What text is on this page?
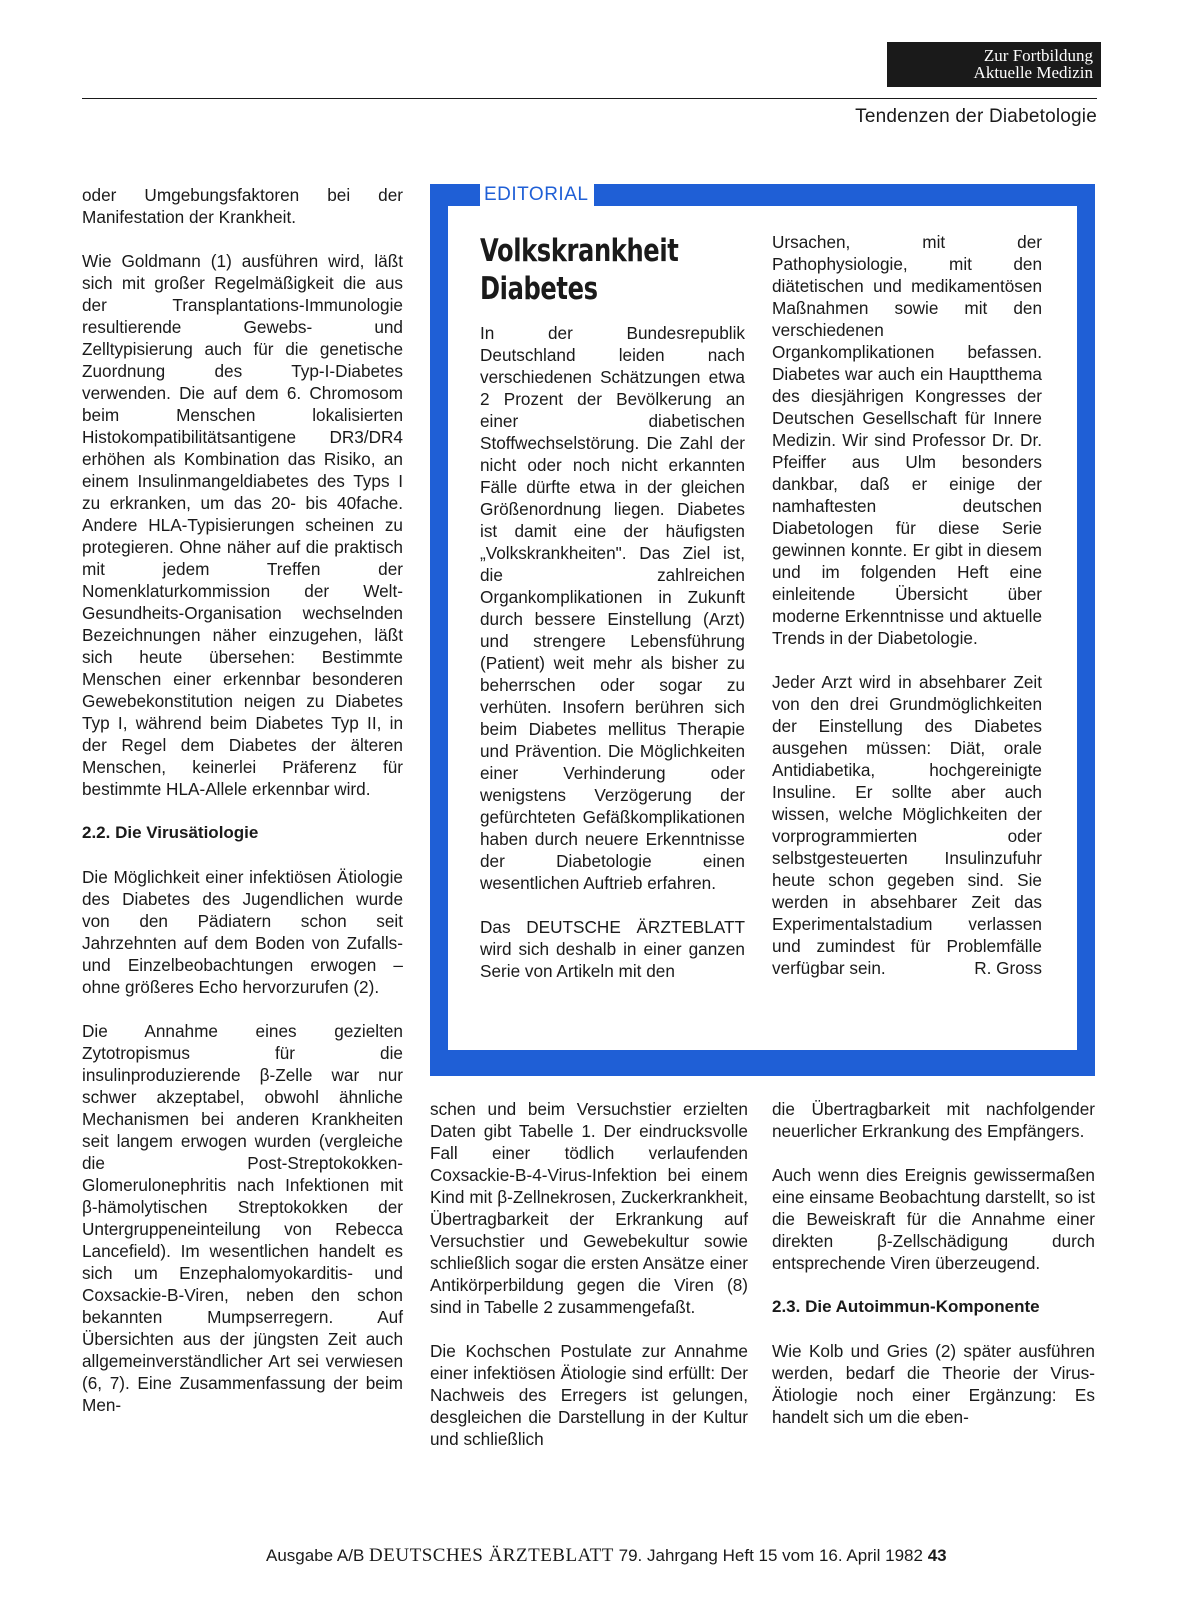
Zur Fortbildung
Aktuelle Medizin
Tendenzen der Diabetologie

oder Umgebungsfaktoren bei der Manifestation der Krankheit.

Wie Goldmann (1) ausführen wird, läßt sich mit großer Regelmäßigkeit die aus der Transplantations-Immunologie resultierende Gewebs- und Zelltypisierung auch für die genetische Zuordnung des Typ-I-Diabetes verwenden. Die auf dem 6. Chromosom beim Menschen lokalisierten Histokompatibilitätsantigene DR3/DR4 erhöhen als Kombination das Risiko, an einem Insulinmangeldiabetes des Typs I zu erkranken, um das 20- bis 40fache. Andere HLA-Typisierungen scheinen zu protegieren. Ohne näher auf die praktisch mit jedem Treffen der Nomenklaturkommission der Welt-Gesundheits-Organisation wechselnden Bezeichnungen näher einzugehen, läßt sich heute übersehen: Bestimmte Menschen einer erkennbar besonderen Gewebekonstitution neigen zu Diabetes Typ I, während beim Diabetes Typ II, in der Regel dem Diabetes der älteren Menschen, keinerlei Präferenz für bestimmte HLA-Allele erkennbar wird.

2.2. Die Virusätiologie

Die Möglichkeit einer infektiösen Ätiologie des Diabetes des Jugendlichen wurde von den Pädiatern schon seit Jahrzehnten auf dem Boden von Zufalls- und Einzelbeobachtungen erwogen – ohne größeres Echo hervorzurufen (2).

Die Annahme eines gezielten Zytotropismus für die insulinproduzierende β-Zelle war nur schwer akzeptabel, obwohl ähnliche Mechanismen bei anderen Krankheiten seit langem erwogen wurden (vergleiche die Post-Streptokokken-Glomerulonephritis nach Infektionen mit β-hämolytischen Streptokokken der Untergruppeneinteilung von Rebecca Lancefield). Im wesentlichen handelt es sich um Enzephalomyokarditis- und Coxsackie-B-Viren, neben den schon bekannten Mumpserregern. Auf Übersichten aus der jüngsten Zeit auch allgemeinverständlicher Art sei verwiesen (6, 7). Eine Zusammenfassung der beim Men-

EDITORIAL
Volkskrankheit
Diabetes

In der Bundesrepublik Deutschland leiden nach verschiedenen Schätzungen etwa 2 Prozent der Bevölkerung an einer diabetischen Stoffwechselstörung. Die Zahl der nicht oder noch nicht erkannten Fälle dürfte etwa in der gleichen Größenordnung liegen. Diabetes ist damit eine der häufigsten „Volkskrankheiten". Das Ziel ist, die zahlreichen Organkomplikationen in Zukunft durch bessere Einstellung (Arzt) und strengere Lebensführung (Patient) weit mehr als bisher zu beherrschen oder sogar zu verhüten. Insofern berühren sich beim Diabetes mellitus Therapie und Prävention. Die Möglichkeiten einer Verhinderung oder wenigstens Verzögerung der gefürchteten Gefäßkomplikationen haben durch neuere Erkenntnisse der Diabetologie einen wesentlichen Auftrieb erfahren.

Das DEUTSCHE ÄRZTEBLATT wird sich deshalb in einer ganzen Serie von Artikeln mit den

Ursachen, mit der Pathophysiologie, mit den diätetischen und medikamentösen Maßnahmen sowie mit den verschiedenen Organkomplikationen befassen. Diabetes war auch ein Hauptthema des diesjährigen Kongresses der Deutschen Gesellschaft für Innere Medizin. Wir sind Professor Dr. Dr. Pfeiffer aus Ulm besonders dankbar, daß er einige der namhaftesten deutschen Diabetologen für diese Serie gewinnen konnte. Er gibt in diesem und im folgenden Heft eine einleitende Übersicht über moderne Erkenntnisse und aktuelle Trends in der Diabetologie.

Jeder Arzt wird in absehbarer Zeit von den drei Grundmöglichkeiten der Einstellung des Diabetes ausgehen müssen: Diät, orale Antidiabetika, hochgereinigte Insuline. Er sollte aber auch wissen, welche Möglichkeiten der vorprogrammierten oder selbstgesteuerten Insulinzufuhr heute schon gegeben sind. Sie werden in absehbarer Zeit das Experimentalstadium verlassen und zumindest für Problemfälle verfügbar sein.	R. Gross

schen und beim Versuchstier erzielten Daten gibt Tabelle 1. Der eindrucksvolle Fall einer tödlich verlaufenden Coxsackie-B-4-Virus-Infektion bei einem Kind mit β-Zellnekrosen, Zuckerkrankheit, Übertragbarkeit der Erkrankung auf Versuchstier und Gewebekultur sowie schließlich sogar die ersten Ansätze einer Antikörperbildung gegen die Viren (8) sind in Tabelle 2 zusammengefaßt.

Die Kochschen Postulate zur Annahme einer infektiösen Ätiologie sind erfüllt: Der Nachweis des Erregers ist gelungen, desgleichen die Darstellung in der Kultur und schließlich

die Übertragbarkeit mit nachfolgender neuerlicher Erkrankung des Empfängers.

Auch wenn dies Ereignis gewissermaßen eine einsame Beobachtung darstellt, so ist die Beweiskraft für die Annahme einer direkten β-Zellschädigung durch entsprechende Viren überzeugend.

2.3. Die Autoimmun-Komponente

Wie Kolb und Gries (2) später ausführen werden, bedarf die Theorie der Virus-Ätiologie noch einer Ergänzung: Es handelt sich um die eben-

Ausgabe A/B DEUTSCHES ÄRZTEBLATT 79. Jahrgang Heft 15 vom 16. April 1982 43
